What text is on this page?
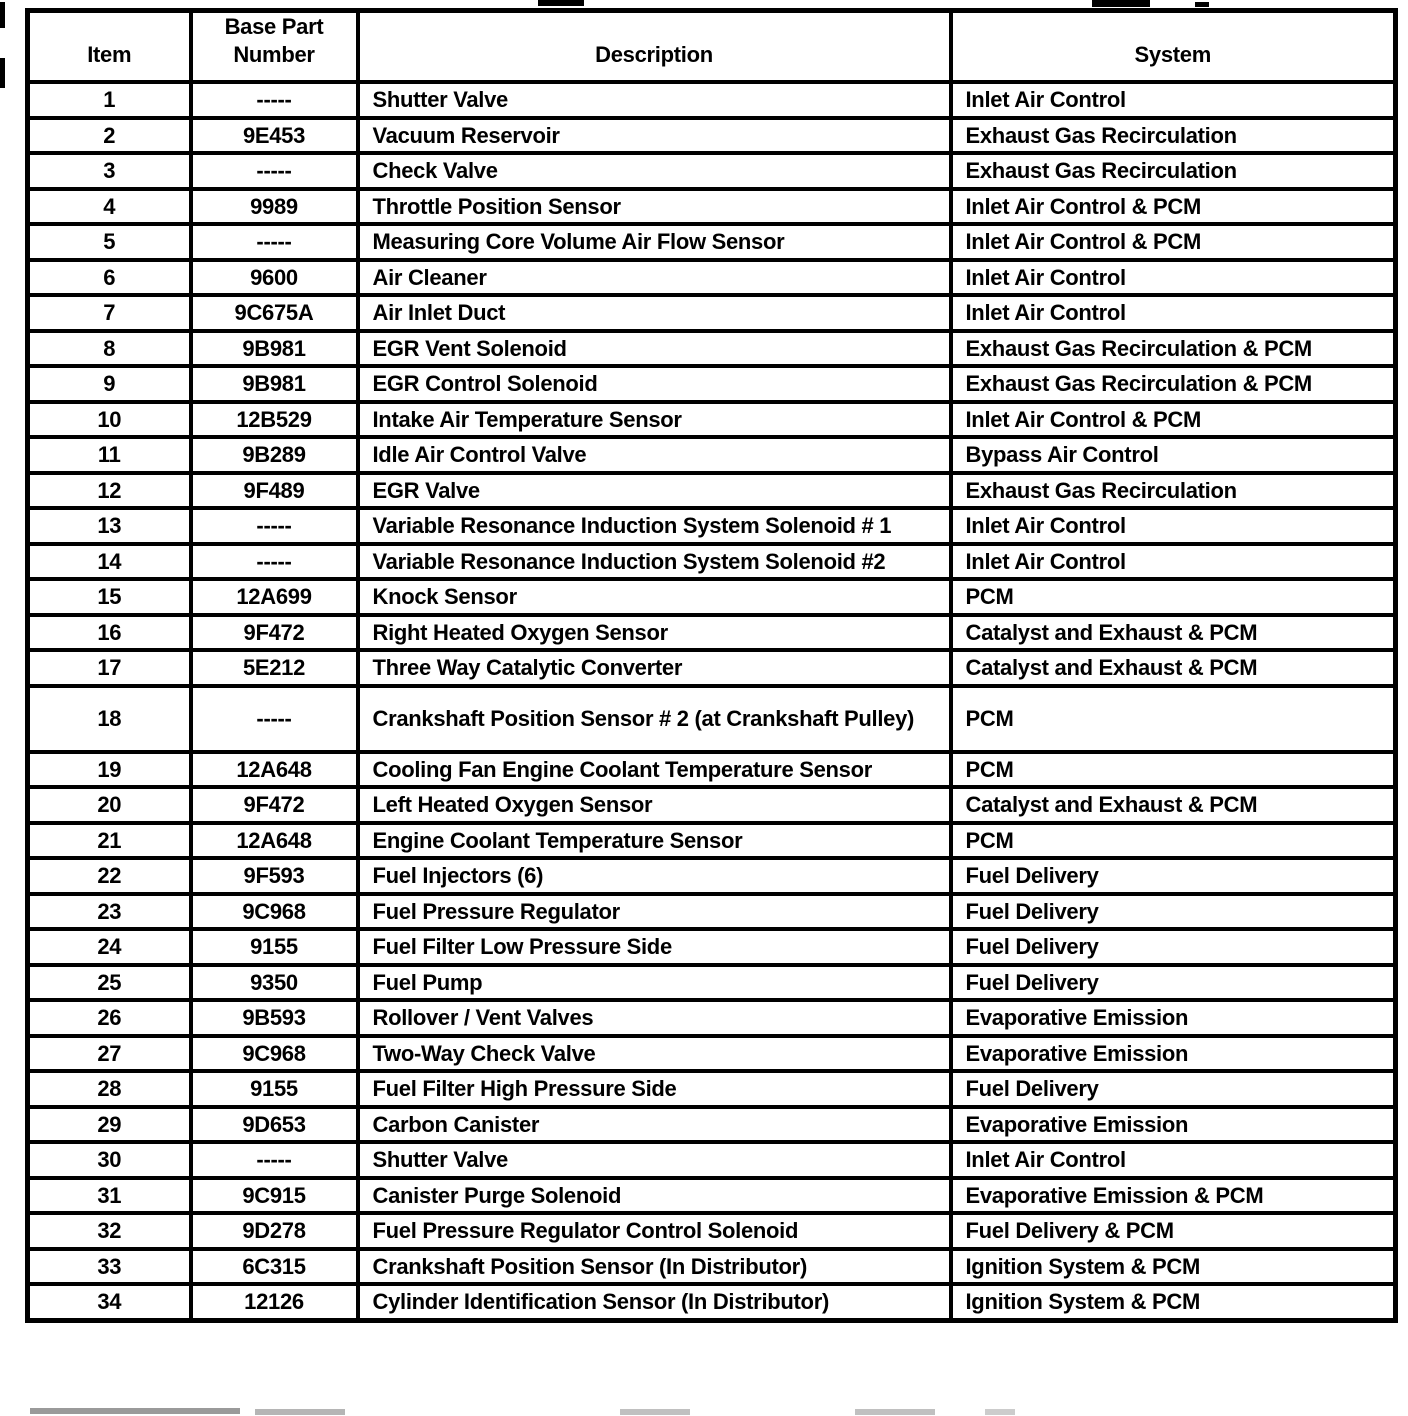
Item	Base Part Number	Description	System
1	-----	Shutter Valve	Inlet Air Control
2	9E453	Vacuum Reservoir	Exhaust Gas Recirculation
3	-----	Check Valve	Exhaust Gas Recirculation
4	9989	Throttle Position Sensor	Inlet Air Control & PCM
5	-----	Measuring Core Volume Air Flow Sensor	Inlet Air Control & PCM
6	9600	Air Cleaner	Inlet Air Control
7	9C675A	Air Inlet Duct	Inlet Air Control
8	9B981	EGR Vent Solenoid	Exhaust Gas Recirculation & PCM
9	9B981	EGR Control Solenoid	Exhaust Gas Recirculation & PCM
10	12B529	Intake Air Temperature Sensor	Inlet Air Control & PCM
11	9B289	Idle Air Control Valve	Bypass Air Control
12	9F489	EGR Valve	Exhaust Gas Recirculation
13	-----	Variable Resonance Induction System Solenoid # 1	Inlet Air Control
14	-----	Variable Resonance Induction System Solenoid #2	Inlet Air Control
15	12A699	Knock Sensor	PCM
16	9F472	Right Heated Oxygen Sensor	Catalyst and Exhaust & PCM
17	5E212	Three Way Catalytic Converter	Catalyst and Exhaust & PCM
18	-----	Crankshaft Position Sensor # 2 (at Crankshaft Pulley)	PCM
19	12A648	Cooling Fan Engine Coolant Temperature Sensor	PCM
20	9F472	Left Heated Oxygen Sensor	Catalyst and Exhaust & PCM
21	12A648	Engine Coolant Temperature Sensor	PCM
22	9F593	Fuel Injectors (6)	Fuel Delivery
23	9C968	Fuel Pressure Regulator	Fuel Delivery
24	9155	Fuel Filter Low Pressure Side	Fuel Delivery
25	9350	Fuel Pump	Fuel Delivery
26	9B593	Rollover / Vent Valves	Evaporative Emission
27	9C968	Two-Way Check Valve	Evaporative Emission
28	9155	Fuel Filter High Pressure Side	Fuel Delivery
29	9D653	Carbon Canister	Evaporative Emission
30	-----	Shutter Valve	Inlet Air Control
31	9C915	Canister Purge Solenoid	Evaporative Emission & PCM
32	9D278	Fuel Pressure Regulator Control Solenoid	Fuel Delivery & PCM
33	6C315	Crankshaft Position Sensor (In Distributor)	Ignition System & PCM
34	12126	Cylinder Identification Sensor (In Distributor)	Ignition System & PCM
